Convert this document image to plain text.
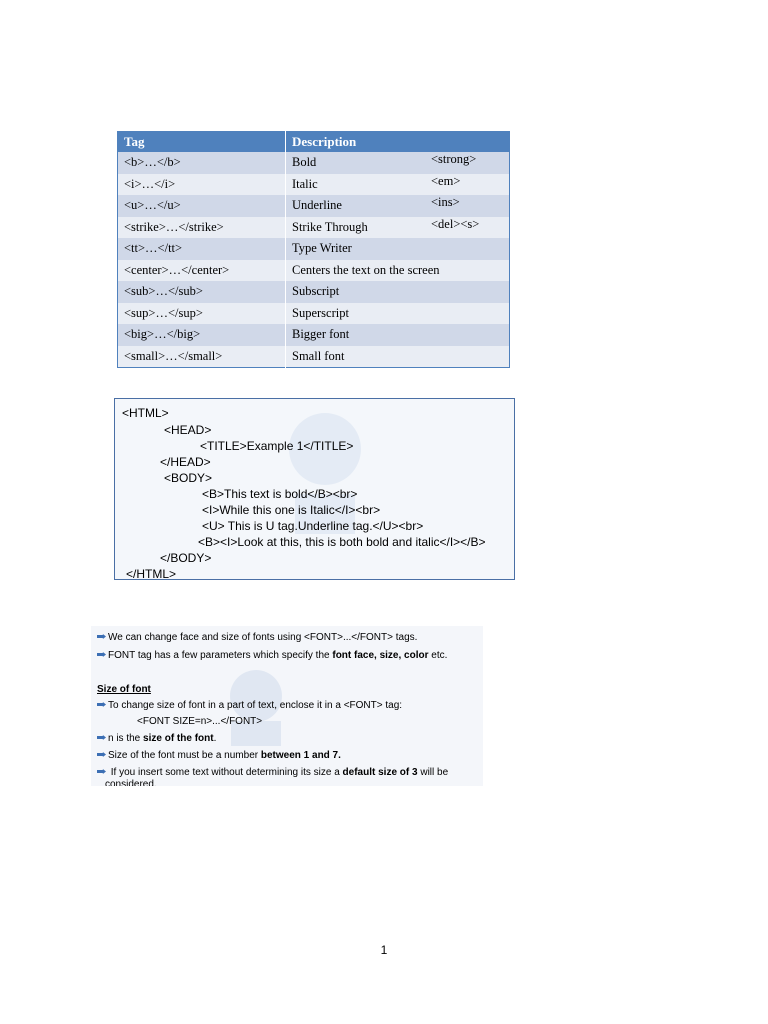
Tag	Description
<b>…</b>	Bold <strong>

<i>…</i>	Italic <em>

<u>…</u>	Underline <ins>

<strike>…</strike>	Strike Through <del><s>

<tt>…</tt>	Type Writer
<center>…</center>	Centers the text on the screen
<sub>…</sub>	Subscript
<sup>…</sup>	Superscript
<big>…</big>	Bigger font
<small>…</small>	Small font
<HTML>
<HEAD>
<TITLE>Example 1</TITLE>
</HEAD>
<BODY>
<B>This text is bold</B><br>
<I>While this one is Italic</I><br>
<U> This is U tag.Underline tag.</U><br>
<B><I>Look at this, this is both bold and italic</I></B>
</BODY>
</HTML>
We can change face and size of fonts using <FONT>...</FONT> tags.
FONT tag has a few parameters which specify the font face, size, color etc.
Size of font
To change size of font in a part of text, enclose it in a <FONT> tag:
<FONT SIZE=n>...</FONT>
n is the size of the font.
Size of the font must be a number between 1 and 7.
If you insert some text without determining its size a default size of 3 will be
considered.
1
